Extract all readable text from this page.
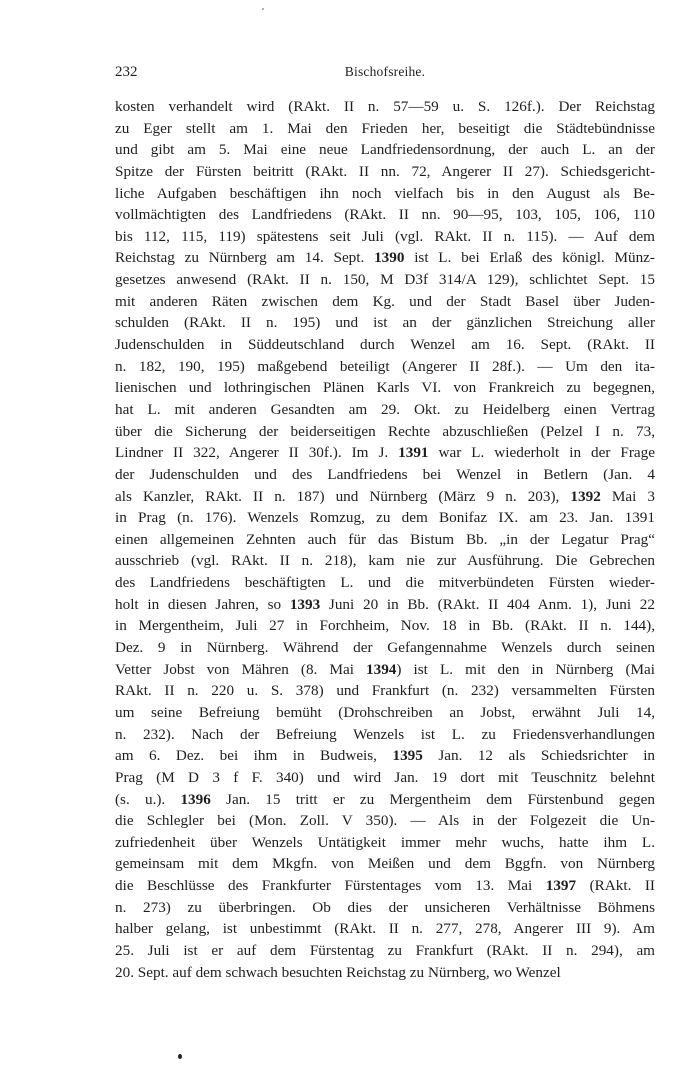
232	Bischofsreihe.
kosten verhandelt wird (RAkt. II n. 57—59 u. S. 126f.). Der Reichstag
zu Eger stellt am 1. Mai den Frieden her, beseitigt die Städtebündnisse
und gibt am 5. Mai eine neue Landfriedensordnung, der auch L. an der
Spitze der Fürsten beitritt (RAkt. II nn. 72, Angerer II 27). Schiedsgericht-
liche Aufgaben beschäftigen ihn noch vielfach bis in den August als Be-
vollmächtigten des Landfriedens (RAkt. II nn. 90—95, 103, 105, 106, 110
bis 112, 115, 119) spätestens seit Juli (vgl. RAkt. II n. 115). — Auf dem
Reichstag zu Nürnberg am 14. Sept. 1390 ist L. bei Erlaß des königl. Münz-
gesetzes anwesend (RAkt. II n. 150, M D3f 314/A 129), schlichtet Sept. 15
mit anderen Räten zwischen dem Kg. und der Stadt Basel über Juden-
schulden (RAkt. II n. 195) und ist an der gänzlichen Streichung aller
Judenschulden in Süddeutschland durch Wenzel am 16. Sept. (RAkt. II
n. 182, 190, 195) maßgebend beteiligt (Angerer II 28f.). — Um den ita-
lienischen und lothringischen Plänen Karls VI. von Frankreich zu begegnen,
hat L. mit anderen Gesandten am 29. Okt. zu Heidelberg einen Vertrag
über die Sicherung der beiderseitigen Rechte abzuschließen (Pelzel I n. 73,
Lindner II 322, Angerer II 30f.). Im J. 1391 war L. wiederholt in der Frage
der Judenschulden und des Landfriedens bei Wenzel in Betlern (Jan. 4
als Kanzler, RAkt. II n. 187) und Nürnberg (März 9 n. 203), 1392 Mai 3
in Prag (n. 176). Wenzels Romzug, zu dem Bonifaz IX. am 23. Jan. 1391
einen allgemeinen Zehnten auch für das Bistum Bb. „in der Legatur Prag“
ausschrieb (vgl. RAkt. II n. 218), kam nie zur Ausführung. Die Gebrechen
des Landfriedens beschäftigten L. und die mitverbündeten Fürsten wieder-
holt in diesen Jahren, so 1393 Juni 20 in Bb. (RAkt. II 404 Anm. 1), Juni 22
in Mergentheim, Juli 27 in Forchheim, Nov. 18 in Bb. (RAkt. II n. 144),
Dez. 9 in Nürnberg. Während der Gefangennahme Wenzels durch seinen
Vetter Jobst von Mähren (8. Mai 1394) ist L. mit den in Nürnberg (Mai
RAkt. II n. 220 u. S. 378) und Frankfurt (n. 232) versammelten Fürsten
um seine Befreiung bemüht (Drohschreiben an Jobst, erwähnt Juli 14,
n. 232). Nach der Befreiung Wenzels ist L. zu Friedensverhandlungen
am 6. Dez. bei ihm in Budweis, 1395 Jan. 12 als Schiedsrichter in
Prag (M D 3 f F. 340) und wird Jan. 19 dort mit Teuschnitz belehnt
(s. u.). 1396 Jan. 15 tritt er zu Mergentheim dem Fürstenbund gegen
die Schlegler bei (Mon. Zoll. V 350). — Als in der Folgezeit die Un-
zufriedenheit über Wenzels Untätigkeit immer mehr wuchs, hatte ihm L.
gemeinsam mit dem Mkgfn. von Meißen und dem Bggfn. von Nürnberg
die Beschlüsse des Frankfurter Fürstentages vom 13. Mai 1397 (RAkt. II
n. 273) zu überbringen. Ob dies der unsicheren Verhältnisse Böhmens
halber gelang, ist unbestimmt (RAkt. II n. 277, 278, Angerer III 9). Am
25. Juli ist er auf dem Fürstentag zu Frankfurt (RAkt. II n. 294), am
20. Sept. auf dem schwach besuchten Reichstag zu Nürnberg, wo Wenzel
